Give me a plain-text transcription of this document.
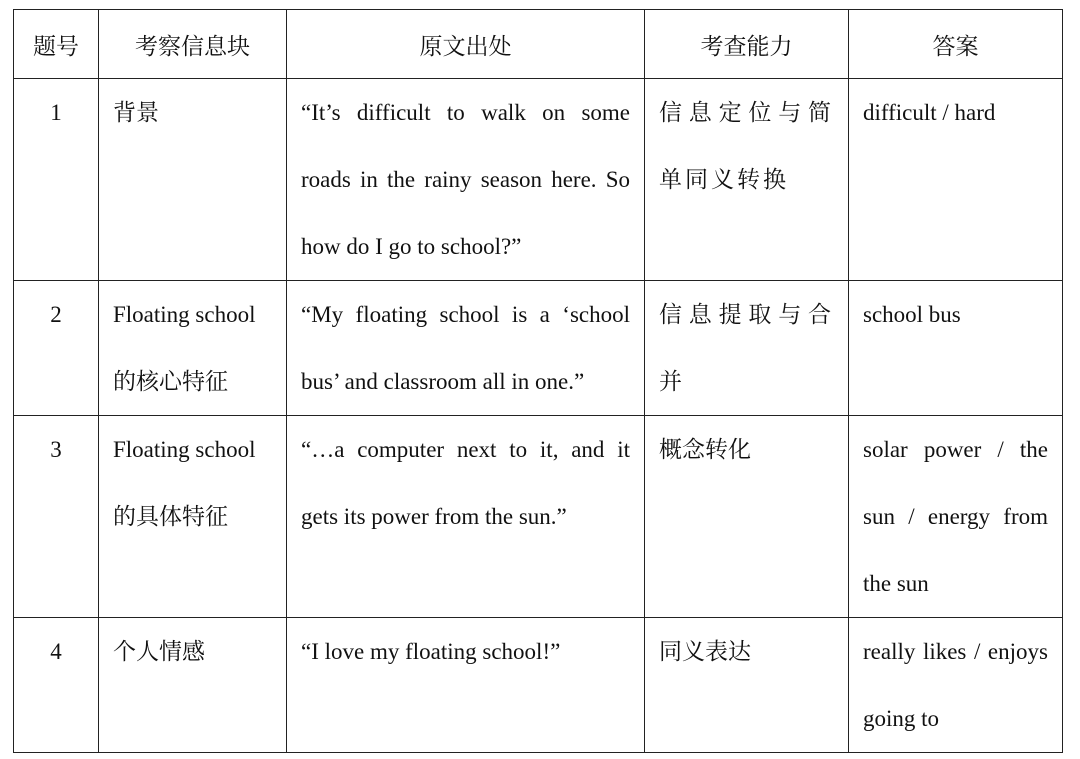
题号	考察信息块	原文出处	考查能力	答案
1	背景	“It’s difficult to walk on some roads in the rainy season here. So how do I go to school?”	信息定位与简单同义转换	difficult / hard
2	Floating school 的核心特征	“My floating school is a ‘school bus’ and classroom all in one.”	信息提取与合并	school bus
3	Floating school 的具体特征	“…a computer next to it, and it gets its power from the sun.”	概念转化	solar power / the sun / energy from the sun
4	个人情感	“I love my floating school!”	同义表达	really likes / enjoys going to
